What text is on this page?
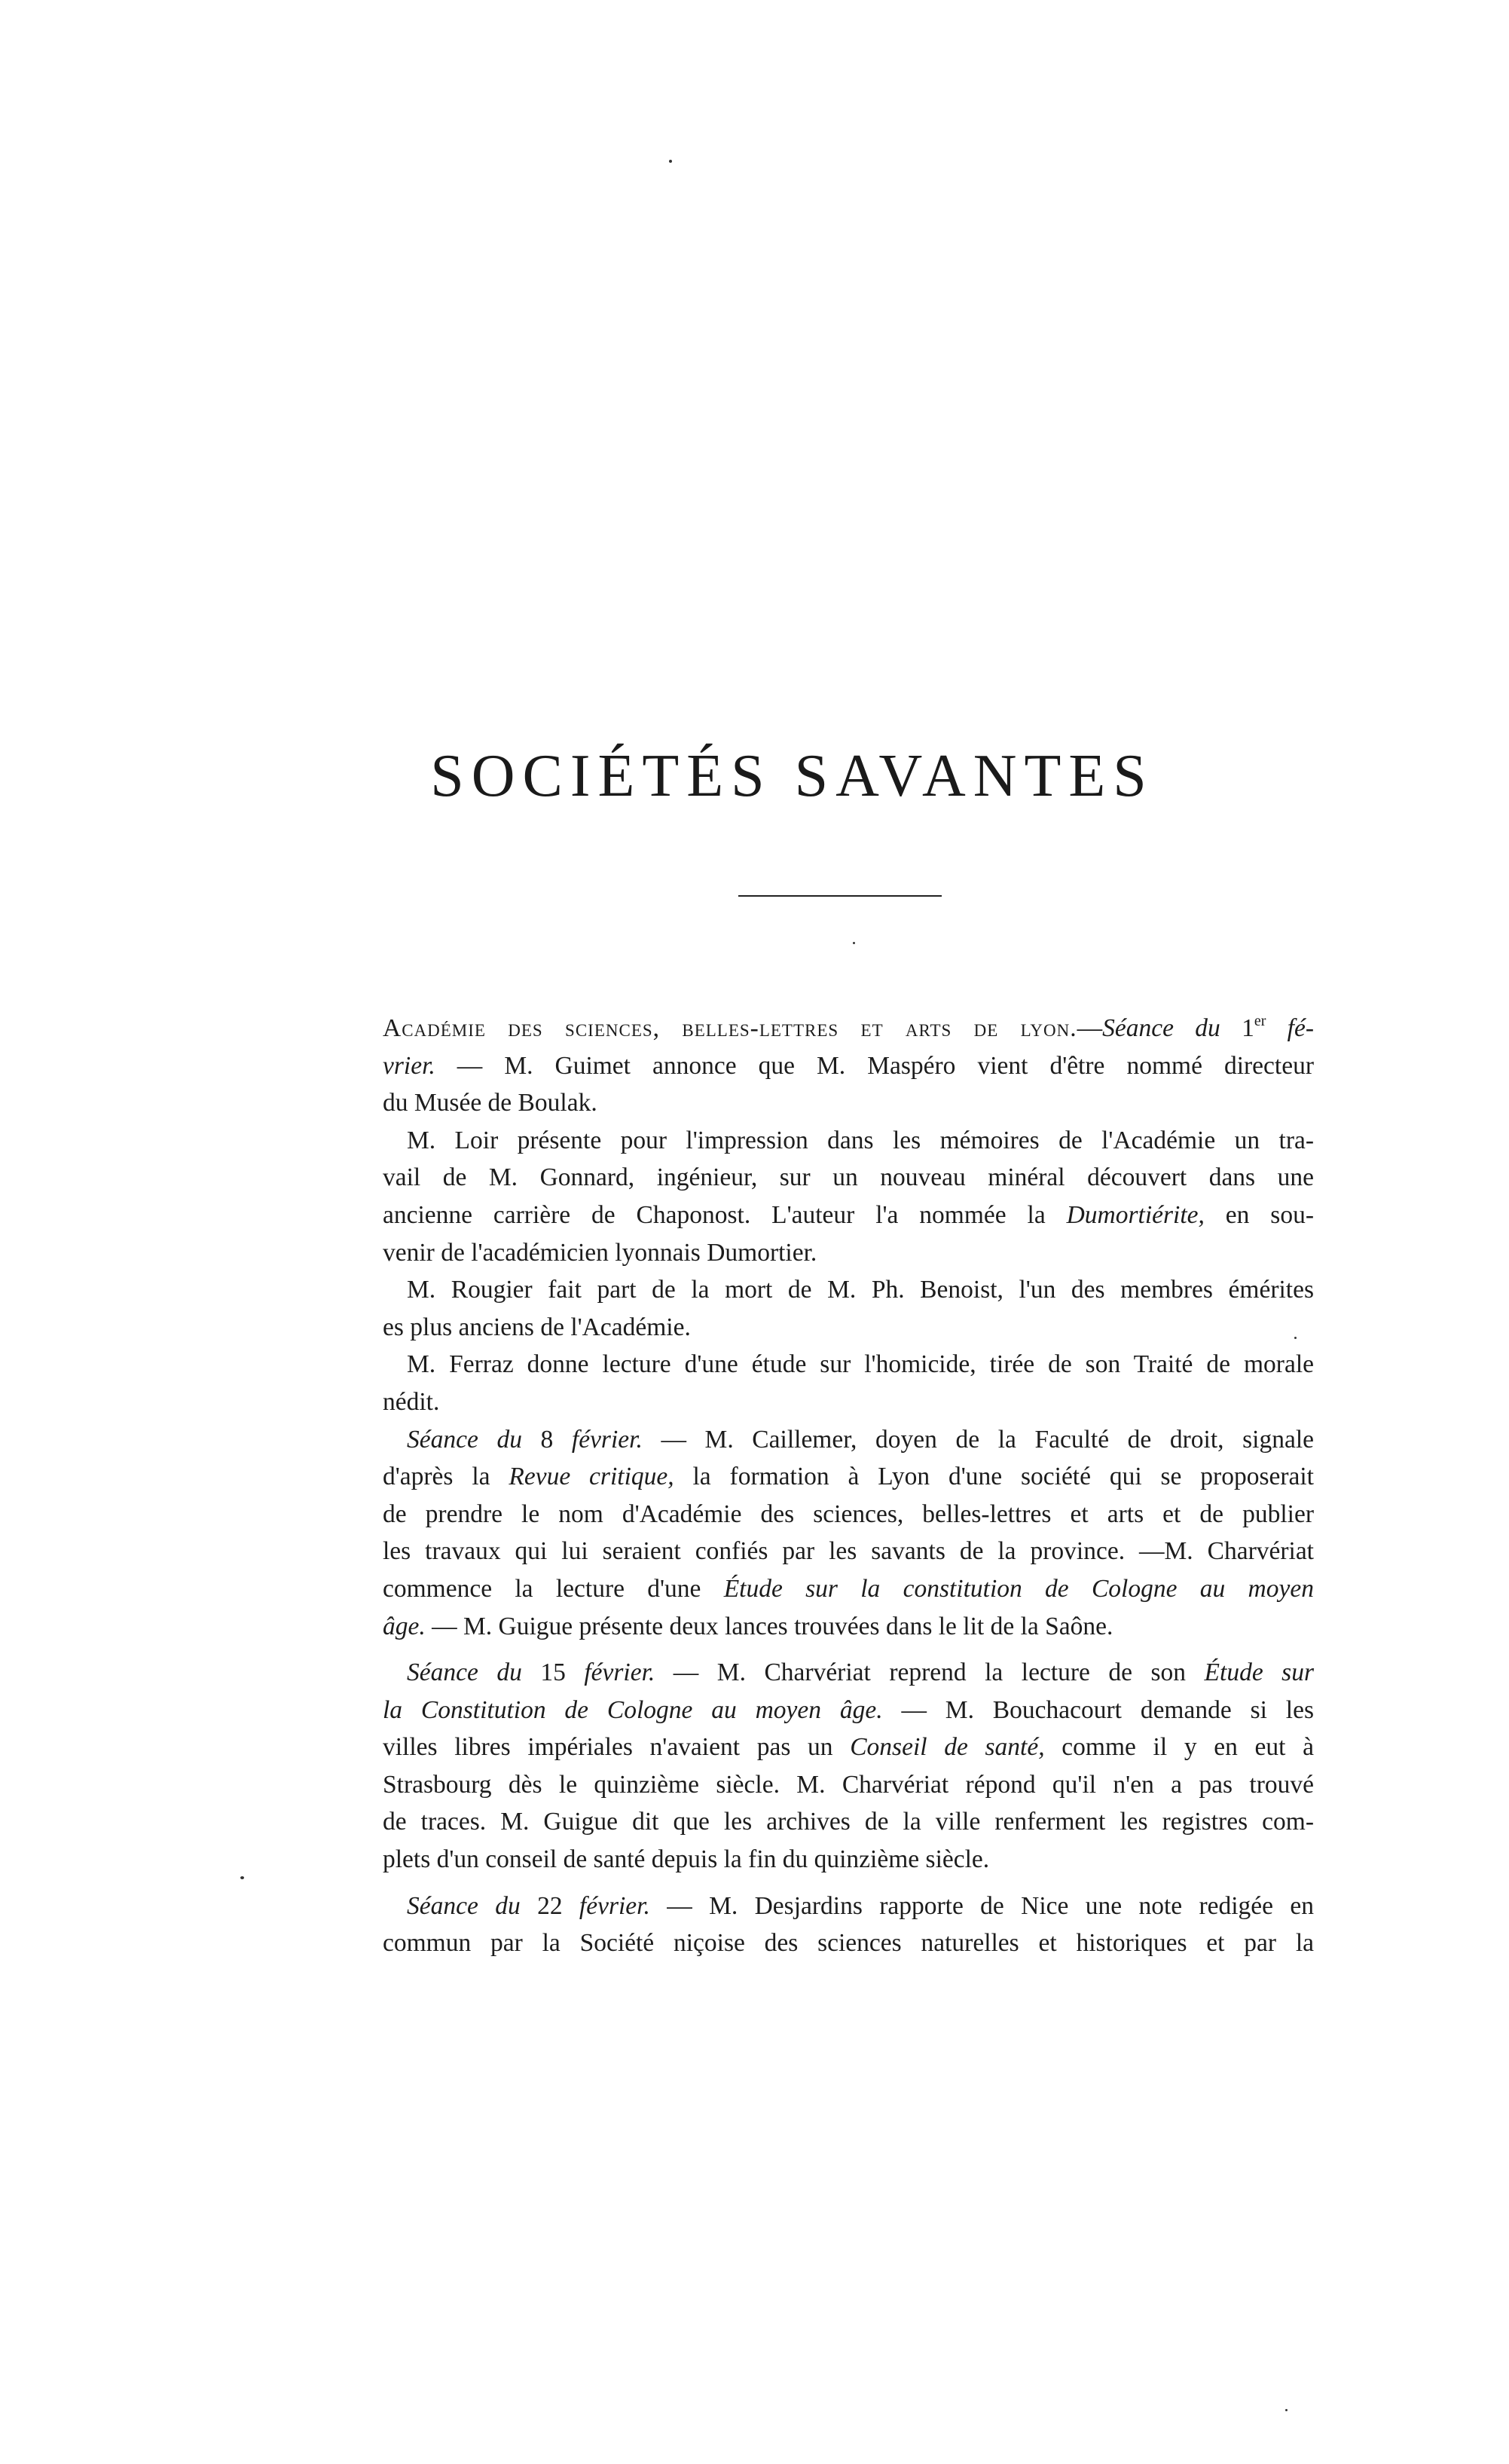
SOCIÉTÉS SAVANTES
Académie des sciences, belles-lettres et arts de lyon.—Séance du 1er fé-
vrier. — M. Guimet annonce que M. Maspéro vient d'être nommé directeur
du Musée de Boulak.
M. Loir présente pour l'impression dans les mémoires de l'Académie un tra-
vail de M. Gonnard, ingénieur, sur un nouveau minéral découvert dans une
ancienne carrière de Chaponost. L'auteur l'a nommée la Dumortiérite, en sou-
venir de l'académicien lyonnais Dumortier.
M. Rougier fait part de la mort de M. Ph. Benoist, l'un des membres émérites
es plus anciens de l'Académie.
M. Ferraz donne lecture d'une étude sur l'homicide, tirée de son Traité de morale
nédit.
Séance du 8 février. — M. Caillemer, doyen de la Faculté de droit, signale
d'après la Revue critique, la formation à Lyon d'une société qui se proposerait
de prendre le nom d'Académie des sciences, belles-lettres et arts et de publier
les travaux qui lui seraient confiés par les savants de la province. —M. Charvériat
commence la lecture d'une Étude sur la constitution de Cologne au moyen
âge. — M. Guigue présente deux lances trouvées dans le lit de la Saône.
Séance du 15 février. — M. Charvériat reprend la lecture de son Étude sur
la Constitution de Cologne au moyen âge. — M. Bouchacourt demande si les
villes libres impériales n'avaient pas un Conseil de santé, comme il y en eut à
Strasbourg dès le quinzième siècle. M. Charvériat répond qu'il n'en a pas trouvé
de traces. M. Guigue dit que les archives de la ville renferment les registres com-
plets d'un conseil de santé depuis la fin du quinzième siècle.
Séance du 22 février. — M. Desjardins rapporte de Nice une note redigée en
commun par la Société niçoise des sciences naturelles et historiques et par la
